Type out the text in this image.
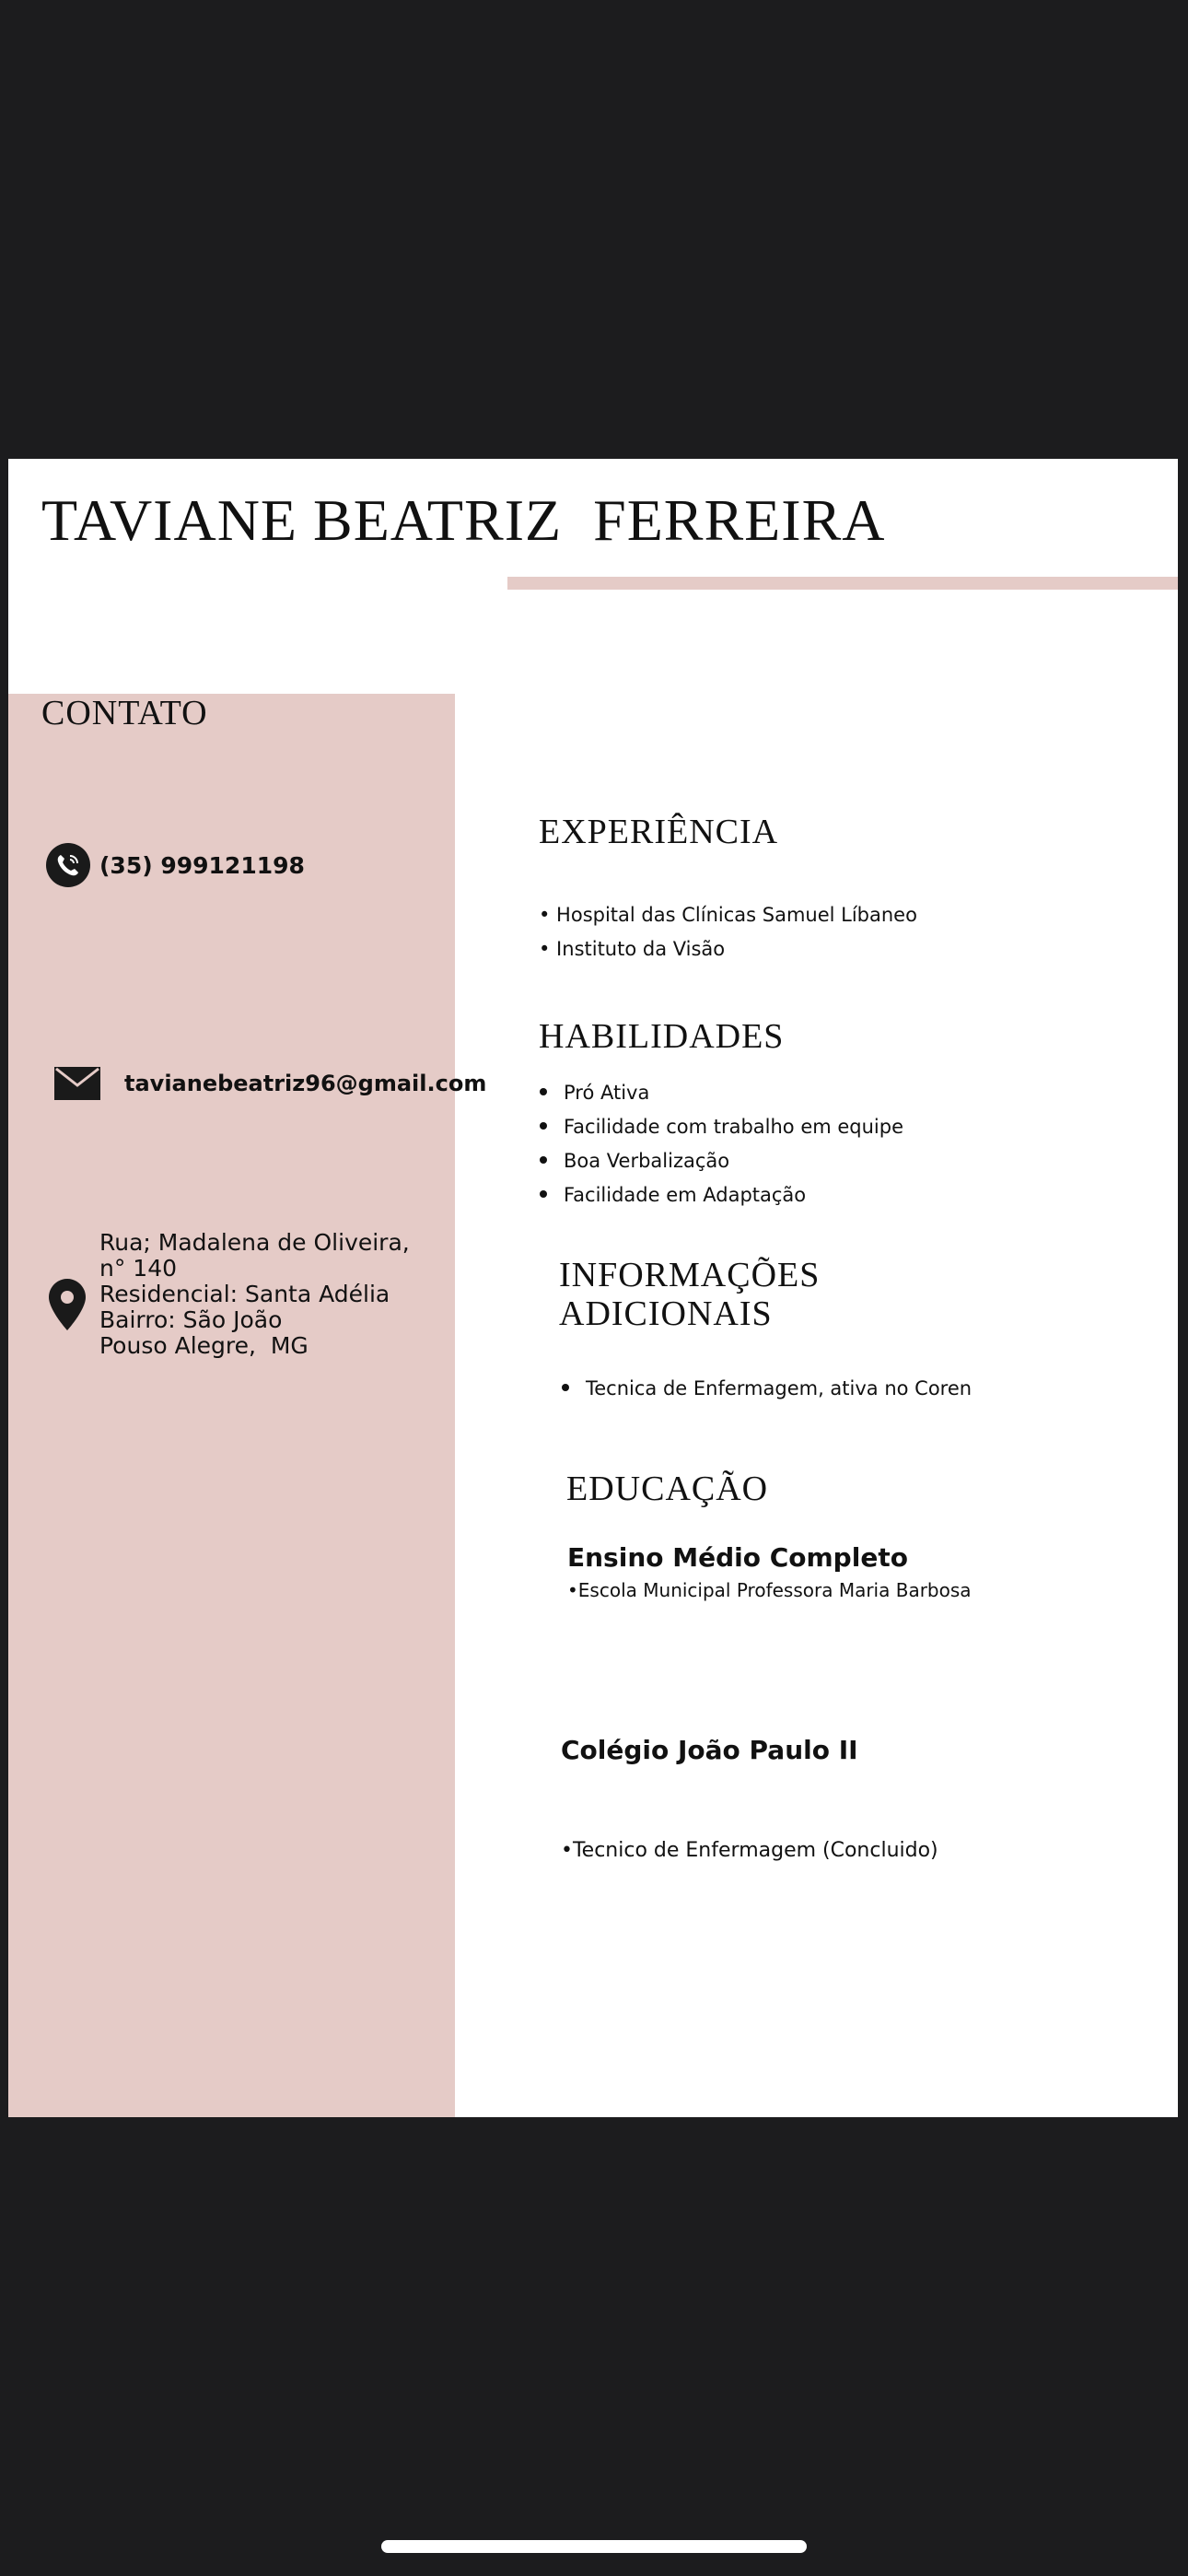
TAVIANE BEATRIZ  FERREIRA
CONTATO
(35) 999121198
tavianebeatriz96@gmail.com
Rua; Madalena de Oliveira,
n° 140
Residencial: Santa Adélia
Bairro: São João
Pouso Alegre,  MG
EXPERIÊNCIA
• Hospital das Clínicas Samuel Líbaneo
• Instituto da Visão
HABILIDADES
Pró Ativa
Facilidade com trabalho em equipe
Boa Verbalização
Facilidade em Adaptação
INFORMAÇÕES
ADICIONAIS
Tecnica de Enfermagem, ativa no Coren
EDUCAÇÃO
Ensino Médio Completo
•Escola Municipal Professora Maria Barbosa
Colégio João Paulo II
•Tecnico de Enfermagem (Concluido)
